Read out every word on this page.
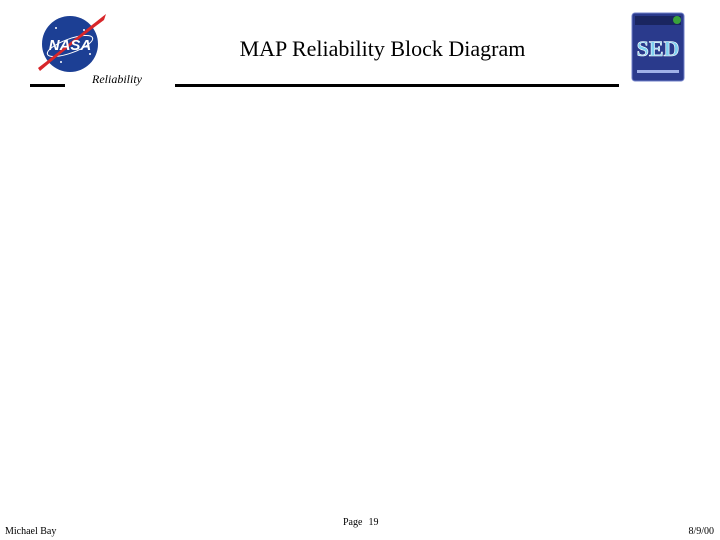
NASA	SED
MAP Reliability Block Diagram
Reliability
Michael Bay
Page 19
8/9/00
